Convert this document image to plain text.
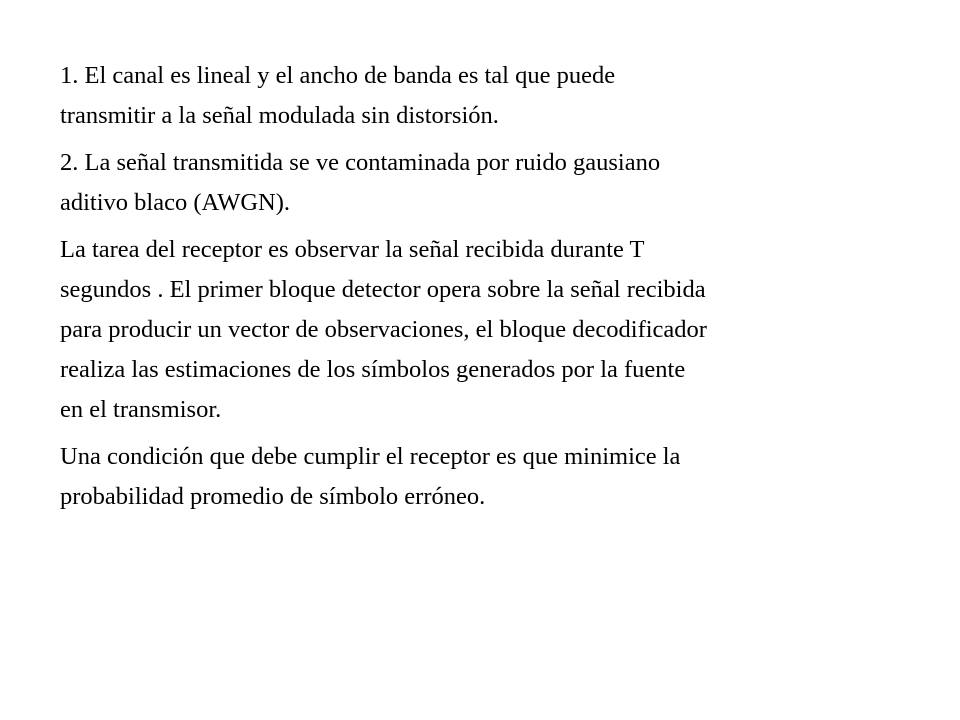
1. El canal es lineal y el ancho de banda es tal que puede
transmitir a la señal modulada sin distorsión.

2. La señal transmitida se ve contaminada por ruido gausiano
aditivo blaco (AWGN).

La tarea del receptor es observar la señal recibida durante T
segundos . El primer bloque detector opera sobre la señal recibida
para producir un vector de observaciones, el bloque decodificador
realiza las estimaciones de los símbolos generados por la fuente
en el transmisor.

Una condición que debe cumplir el receptor es que minimice la
probabilidad promedio de símbolo erróneo.
